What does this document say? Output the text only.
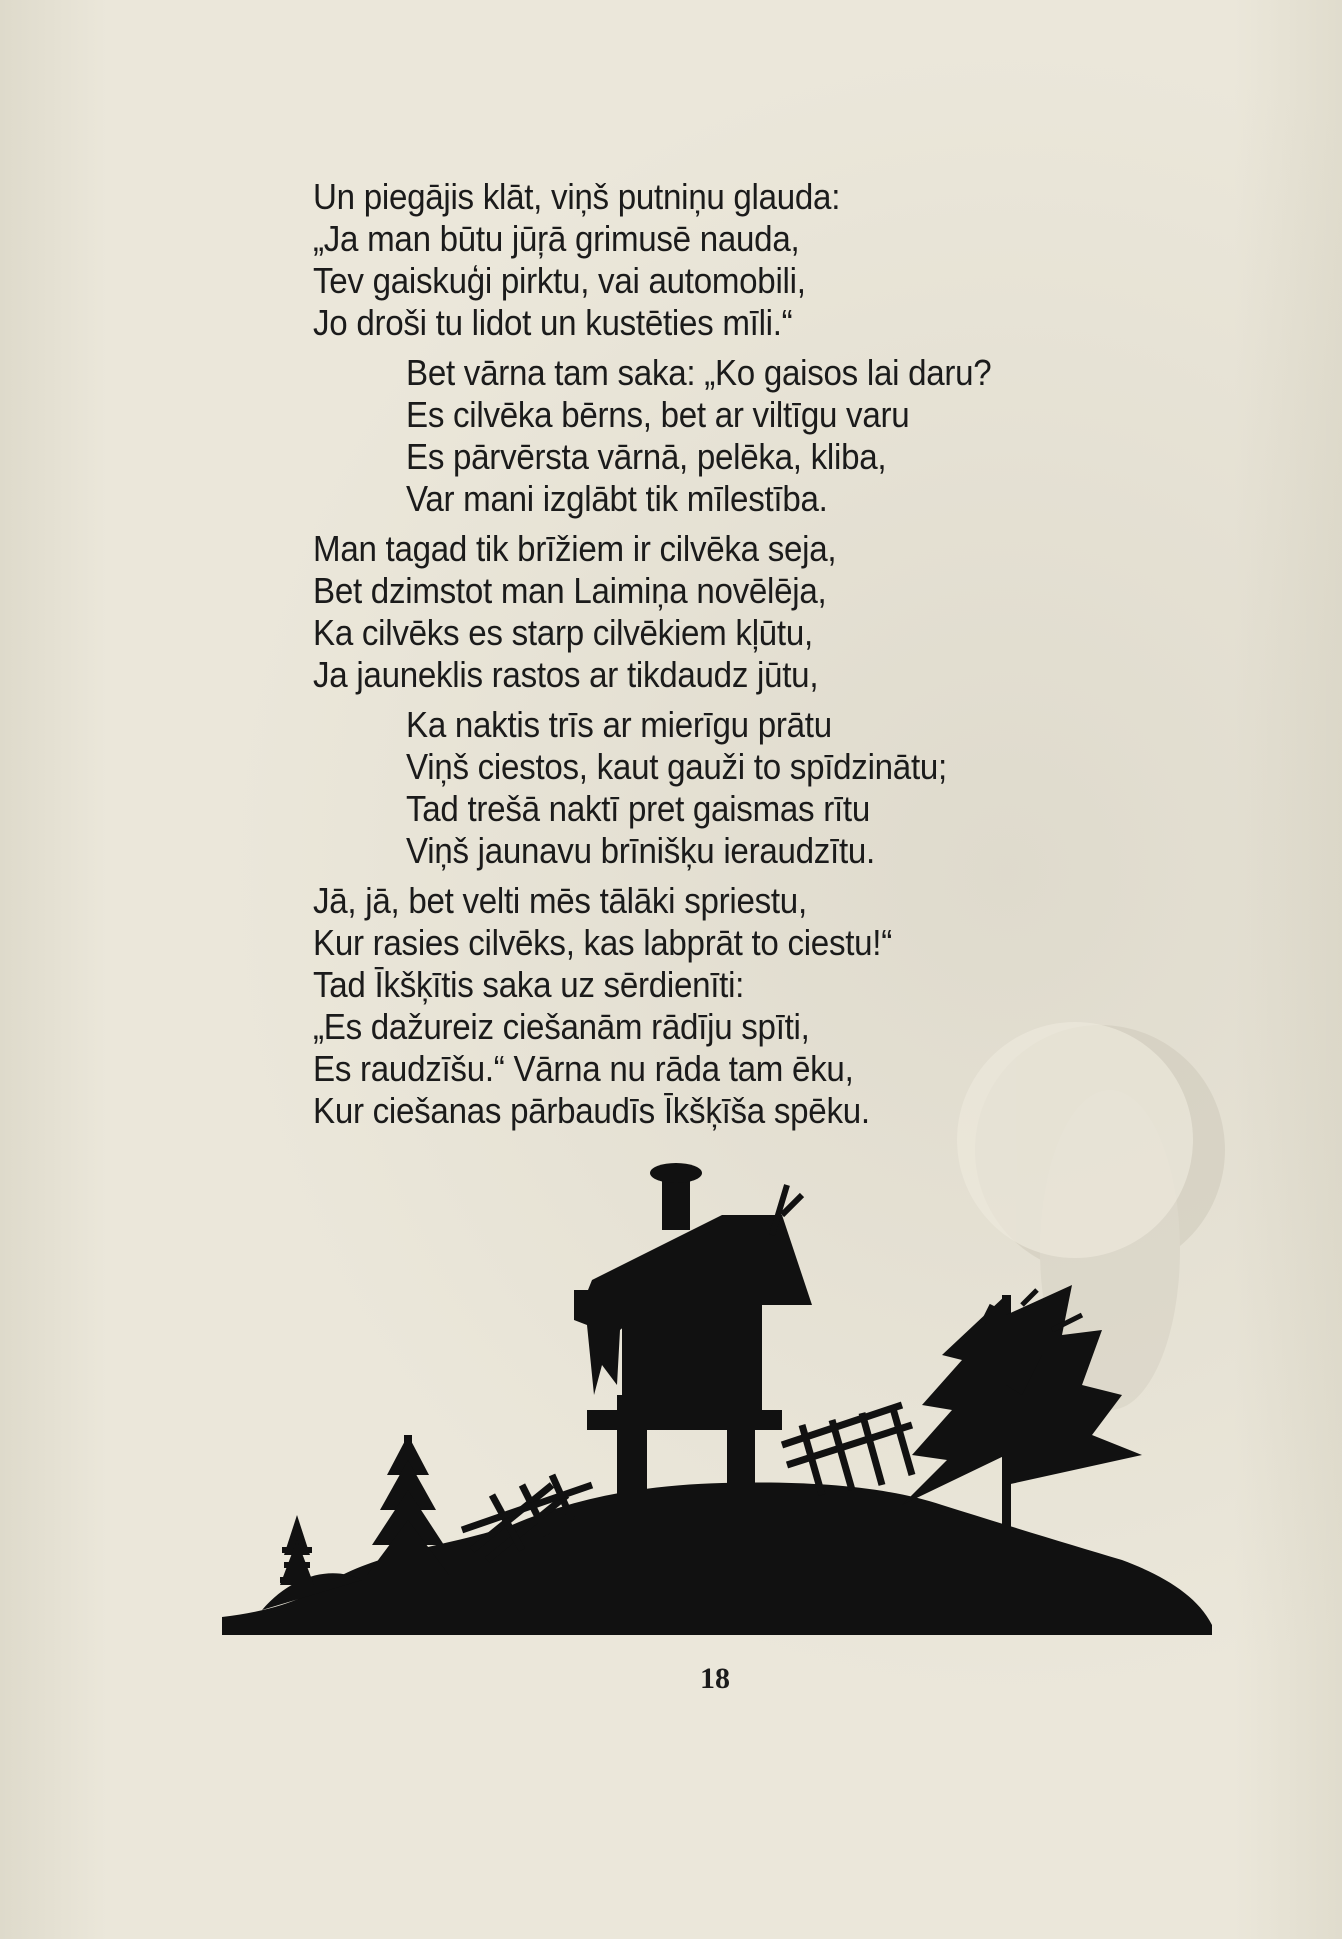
Un piegājis klāt, viņš putniņu glauda:
„Ja man būtu jūŗā grimusē nauda,
Tev gaiskuģi pirktu, vai automobili,
Jo droši tu lidot un kustēties mīli.“
Bet vārna tam saka: „Ko gaisos lai daru?
Es cilvēka bērns, bet ar viltīgu varu
Es pārvērsta vārnā, pelēka, kliba,
Var mani izglābt tik mīlestība.
Man tagad tik brīžiem ir cilvēka seja,
Bet dzimstot man Laimiņa novēlēja,
Ka cilvēks es starp cilvēkiem kļūtu,
Ja jauneklis rastos ar tikdaudz jūtu,
Ka naktis trīs ar mierīgu prātu
Viņš ciestos, kaut gauži to spīdzinātu;
Tad trešā naktī pret gaismas rītu
Viņš jaunavu brīnišķu ieraudzītu.
Jā, jā, bet velti mēs tālāki spriestu,
Kur rasies cilvēks, kas labprāt to ciestu!“
Tad Īkšķītis saka uz sērdienīti:
„Es dažureiz ciešanām rādīju spīti,
Es raudzīšu.“ Vārna nu rāda tam ēku,
Kur ciešanas pārbaudīs Īkšķīša spēku.
18
